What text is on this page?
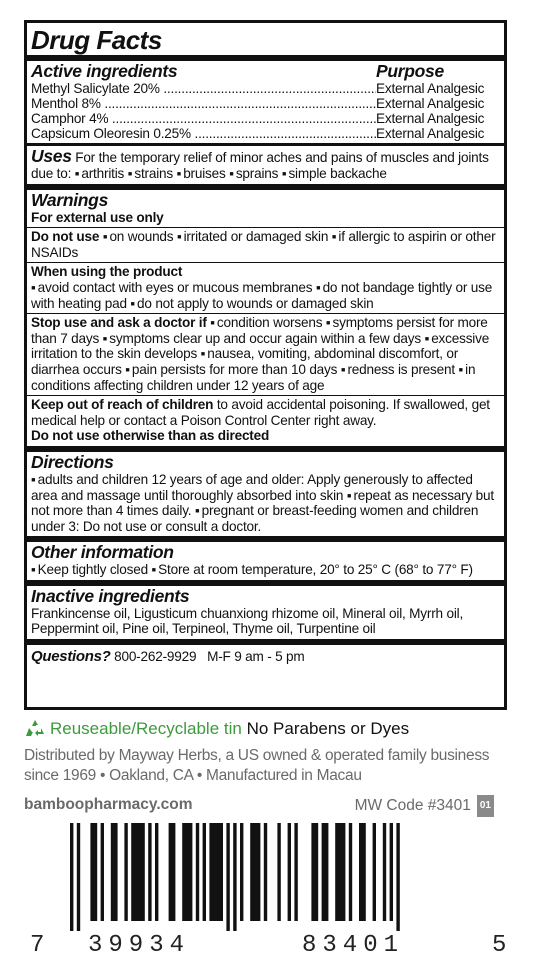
Drug Facts
Active ingredients	Purpose
Methyl Salicylate 20% .....	External Analgesic
Menthol 8% .....	External Analgesic
Camphor 4% .....	External Analgesic
Capsicum Oleoresin 0.25% .....	External Analgesic
Uses For the temporary relief of minor aches and pains of muscles and joints due to: ▪ arthritis ▪ strains ▪ bruises ▪ sprains ▪ simple backache
Warnings
For external use only
Do not use ▪ on wounds ▪ irritated or damaged skin ▪ if allergic to aspirin or other NSAIDs
When using the product
▪ avoid contact with eyes or mucous membranes ▪ do not bandage tightly or use with heating pad ▪ do not apply to wounds or damaged skin
Stop use and ask a doctor if ▪ condition worsens ▪ symptoms persist for more than 7 days ▪ symptoms clear up and occur again within a few days ▪ excessive irritation to the skin develops ▪ nausea, vomiting, abdominal discomfort, or diarrhea occurs ▪ pain persists for more than 10 days ▪ redness is present ▪ in conditions affecting children under 12 years of age
Keep out of reach of children to avoid accidental poisoning. If swallowed, get medical help or contact a Poison Control Center right away.
Do not use otherwise than as directed
Directions
▪ adults and children 12 years of age and older: Apply generously to affected area and massage until thoroughly absorbed into skin ▪ repeat as necessary but not more than 4 times daily. ▪ pregnant or breast-feeding women and children under 3: Do not use or consult a doctor.
Other information
▪ Keep tightly closed ▪ Store at room temperature, 20° to 25° C (68° to 77° F)
Inactive ingredients
Frankincense oil, Ligusticum chuanxiong rhizome oil, Mineral oil, Myrrh oil, Peppermint oil, Pine oil, Terpineol, Thyme oil, Turpentine oil
Questions? 800-262-9929   M-F 9 am - 5 pm
Reuseable/Recyclable tin No Parabens or Dyes
Distributed by Mayway Herbs, a US owned & operated family business since 1969 • Oakland, CA • Manufactured in Macau
bamboopharmacy.com	MW Code #3401 01
7 39934	83401	5
